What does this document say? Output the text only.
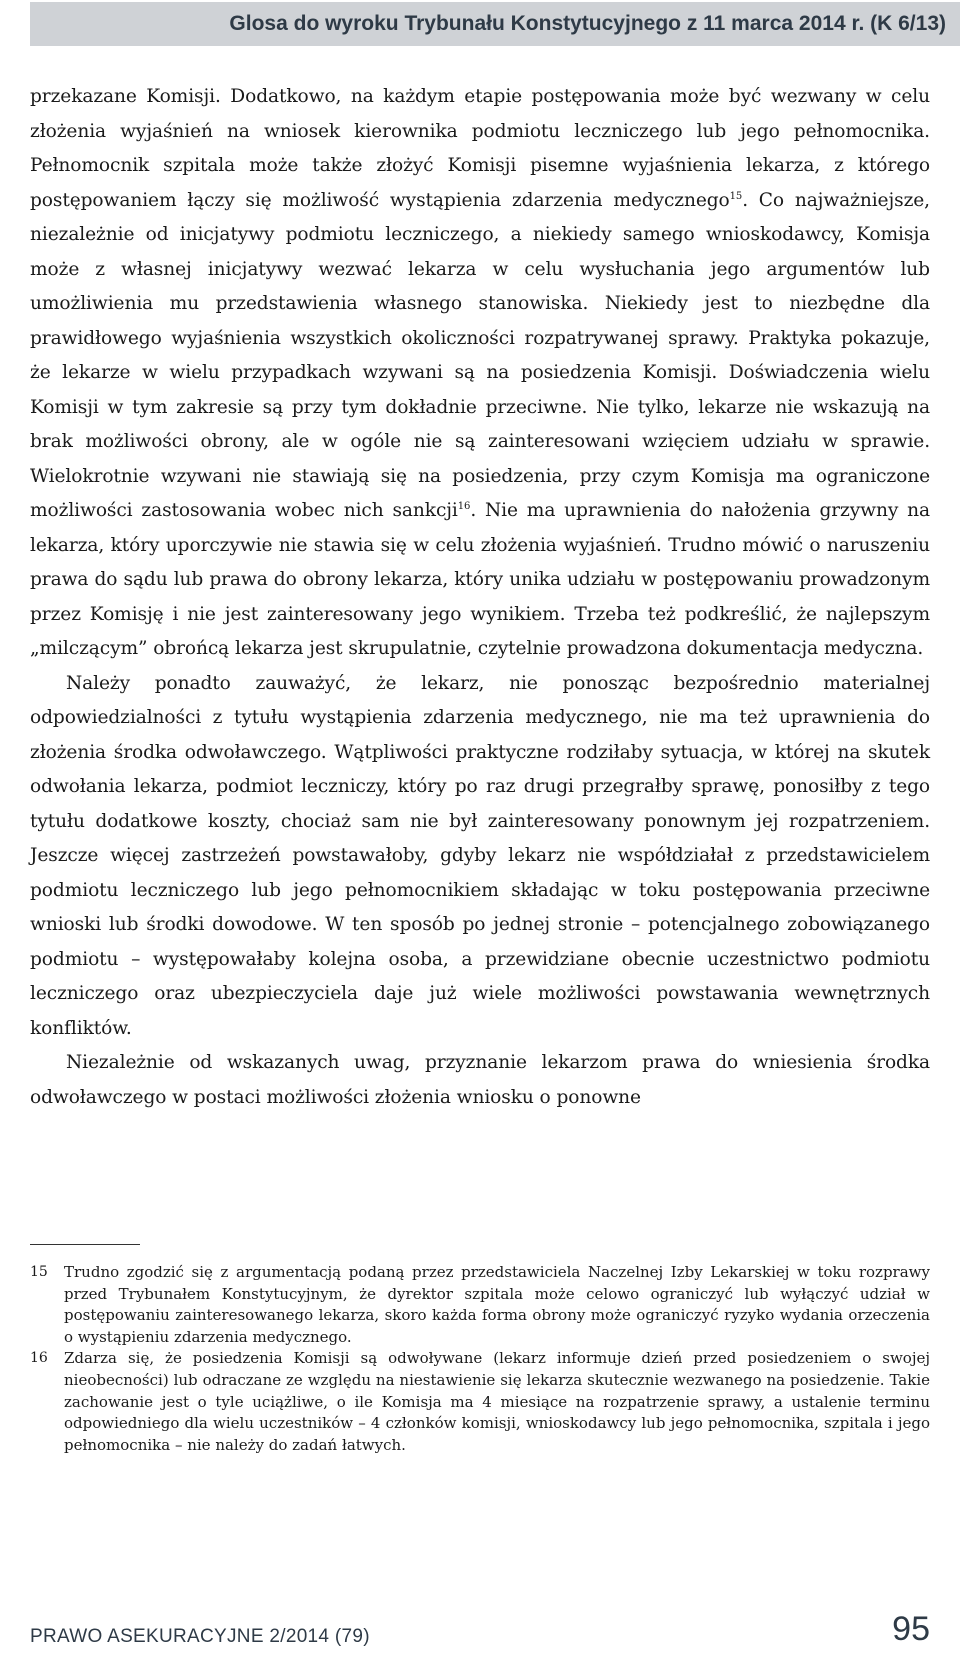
Glosa do wyroku Trybunału Konstytucyjnego z 11 marca 2014 r. (K 6/13)

przekazane Komisji. Dodatkowo, na każdym etapie postępowania może być wezwany w celu złożenia wyjaśnień na wniosek kierownika podmiotu leczniczego lub jego pełnomocnika. Pełnomocnik szpitala może także złożyć Komisji pisemne wyjaśnienia lekarza, z którego postępowaniem łączy się możliwość wystąpienia zdarzenia medycznego$^{15}$. Co najważniejsze, niezależnie od inicjatywy podmiotu leczniczego, a niekiedy samego wnioskodawcy, Komisja może z własnej inicjatywy wezwać lekarza w celu wysłuchania jego argumentów lub umożliwienia mu przedstawienia własnego stanowiska. Niekiedy jest to niezbędne dla prawidłowego wyjaśnienia wszystkich okoliczności rozpatrywanej sprawy. Praktyka pokazuje, że lekarze w wielu przypadkach wzywani są na posiedzenia Komisji. Doświadczenia wielu Komisji w tym zakresie są przy tym dokładnie przeciwne. Nie tylko, lekarze nie wskazują na brak możliwości obrony, ale w ogóle nie są zainteresowani wzięciem udziału w sprawie. Wielokrotnie wzywani nie stawiają się na posiedzenia, przy czym Komisja ma ograniczone możliwości zastosowania wobec nich sankcji$^{16}$. Nie ma uprawnienia do nałożenia grzywny na lekarza, który uporczywie nie stawia się w celu złożenia wyjaśnień. Trudno mówić o naruszeniu prawa do sądu lub prawa do obrony lekarza, który unika udziału w postępowaniu prowadzonym przez Komisję i nie jest zainteresowany jego wynikiem. Trzeba też podkreślić, że najlepszym „milczącym” obrońcą lekarza jest skrupulatnie, czytelnie prowadzona dokumentacja medyczna.

Należy ponadto zauważyć, że lekarz, nie ponosząc bezpośrednio materialnej odpowiedzialności z tytułu wystąpienia zdarzenia medycznego, nie ma też uprawnienia do złożenia środka odwoławczego. Wątpliwości praktyczne rodziłaby sytuacja, w której na skutek odwołania lekarza, podmiot leczniczy, który po raz drugi przegrałby sprawę, ponosiłby z tego tytułu dodatkowe koszty, chociaż sam nie był zainteresowany ponownym jej rozpatrzeniem. Jeszcze więcej zastrzeżeń powstawałoby, gdyby lekarz nie współdziałał z przedstawicielem podmiotu leczniczego lub jego pełnomocnikiem składając w toku postępowania przeciwne wnioski lub środki dowodowe. W ten sposób po jednej stronie – potencjalnego zobowiązanego podmiotu – występowałaby kolejna osoba, a przewidziane obecnie uczestnictwo podmiotu leczniczego oraz ubezpieczyciela daje już wiele możliwości powstawania wewnętrznych konfliktów.

Niezależnie od wskazanych uwag, przyznanie lekarzom prawa do wniesienia środka odwoławczego w postaci możliwości złożenia wniosku o ponowne

15	Trudno zgodzić się z argumentacją podaną przez przedstawiciela Naczelnej Izby Lekarskiej w toku rozprawy przed Trybunałem Konstytucyjnym, że dyrektor szpitala może celowo ograniczyć lub wyłączyć udział w postępowaniu zainteresowanego lekarza, skoro każda forma obrony może ograniczyć ryzyko wydania orzeczenia o wystąpieniu zdarzenia medycznego.
16	Zdarza się, że posiedzenia Komisji są odwoływane (lekarz informuje dzień przed posiedzeniem o swojej nieobecności) lub odraczane ze względu na niestawienie się lekarza skutecznie wezwanego na posiedzenie. Takie zachowanie jest o tyle uciążliwe, o ile Komisja ma 4 miesiące na rozpatrzenie sprawy, a ustalenie terminu odpowiedniego dla wielu uczestników – 4 członków komisji, wnioskodawcy lub jego pełnomocnika, szpitala i jego pełnomocnika – nie należy do zadań łatwych.
PRAWO ASEKURACYJNE 2/2014 (79)	95
